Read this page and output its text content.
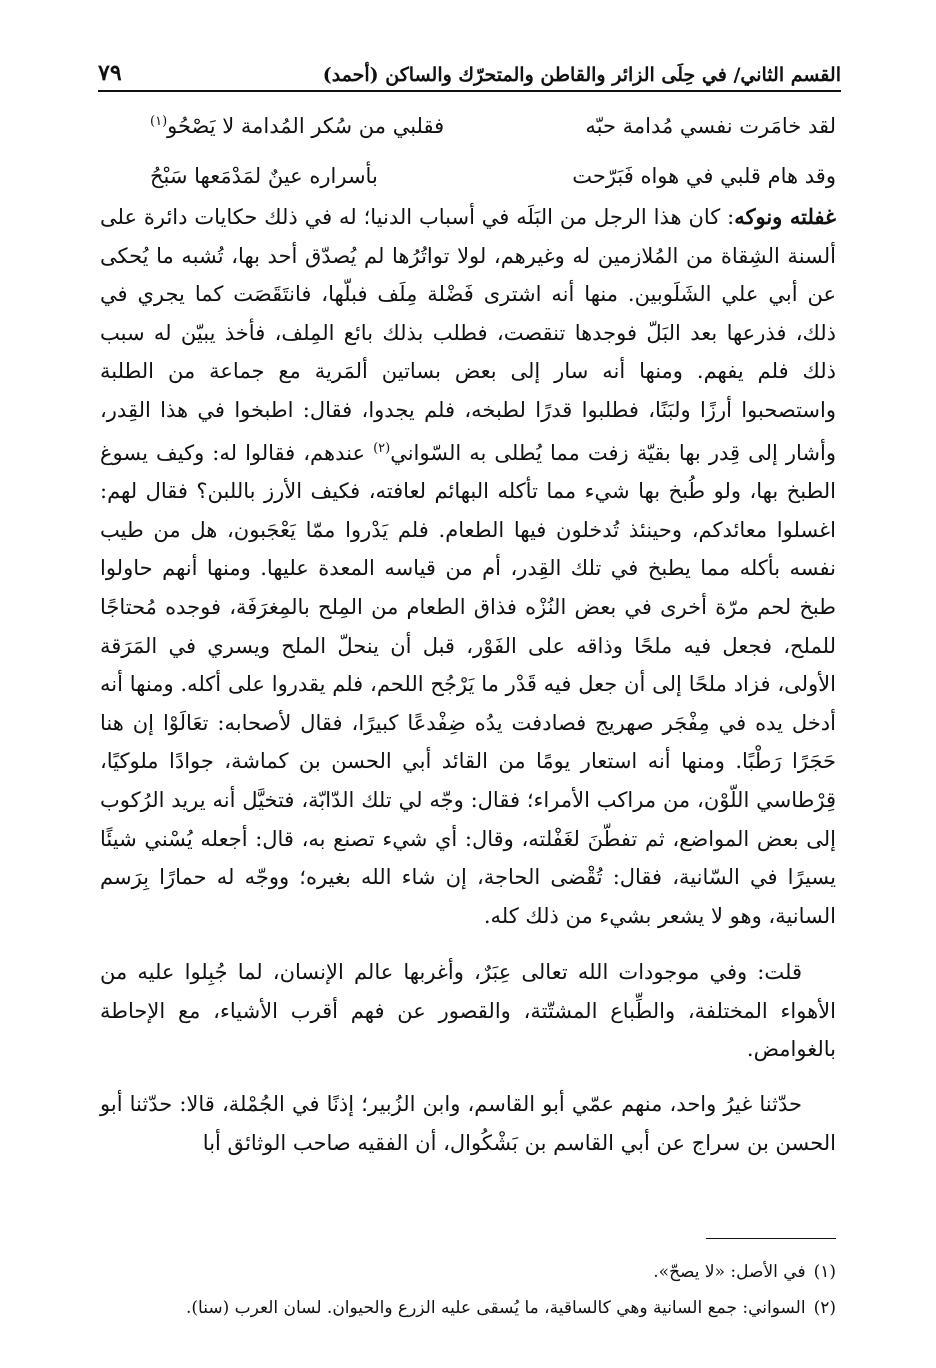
القسم الثاني/ في حِلَى الزائر والقاطن والمتحرّك والساكن (أحمد)
٧٩
لقد خامَرت نفسي مُدامة حبّه
فقلبي من سُكر المُدامة لا يَصْحُو$^{(١)}$
وقد هام قلبي في هواه فَبَرّحت
بأسراره عينٌ لمَدْمَعها سَبْحُ

غفلته ونوكه: كان هذا الرجل من البَلَه في أسباب الدنيا؛ له في ذلك حكايات دائرة على ألسنة الشِقاة من المُلازمين له وغيرهم، لولا تواتُرُها لم يُصدّق أحد بها، تُشبه ما يُحكى عن أبي علي الشَلَوبين. منها أنه اشترى فَضْلة مِلَف فبلّها، فانتَقَصَت كما يجري في ذلك، فذرعها بعد البَلّ فوجدها تنقصت، فطلب بذلك بائع المِلف، فأخذ يبيّن له سبب ذلك فلم يفهم. ومنها أنه سار إلى بعض بساتين ألمَرية مع جماعة من الطلبة واستصحبوا أرزًا ولبَنًا، فطلبوا قدرًا لطبخه، فلم يجدوا، فقال: اطبخوا في هذا القِدر، وأشار إلى قِدر بها بقيّة زفت مما يُطلى به السّواني$^{(٢)}$ عندهم، فقالوا له: وكيف يسوغ الطبخ بها، ولو طُبخ بها شيء مما تأكله البهائم لعافته، فكيف الأرز باللبن؟ فقال لهم: اغسلوا معائدكم، وحينئذ تُدخلون فيها الطعام. فلم يَدْروا ممّا يَعْجَبون، هل من طيب نفسه بأكله مما يطبخ في تلك القِدر، أم من قياسه المعدة عليها. ومنها أنهم حاولوا طبخ لحم مرّة أخرى في بعض النُزْه فذاق الطعام من المِلح بالمِغرَفَة، فوجده مُحتاجًا للملح، فجعل فيه ملحًا وذاقه على الفَوْر، قبل أن ينحلّ الملح ويسري في المَرَقة الأولى، فزاد ملحًا إلى أن جعل فيه قَدْر ما يَرْجُح اللحم، فلم يقدروا على أكله. ومنها أنه أدخل يده في مِفْجَر صهريج فصادفت يدُه ضِفْدعًا كبيرًا، فقال لأصحابه: تعَالَوْا إن هنا حَجَرًا رَطْبًا. ومنها أنه استعار يومًا من القائد أبي الحسن بن كماشة، جوادًا ملوكيًا، قِرْطاسي اللّوْن، من مراكب الأمراء؛ فقال: وجّه لي تلك الدّابّة، فتخيَّل أنه يريد الرُكوب إلى بعض المواضع، ثم تفطّنَ لغَفْلته، وقال: أي شيء تصنع به، قال: أجعله يُسْني شيئًا يسيرًا في السّانية، فقال: تُقْضى الحاجة، إن شاء الله بغيره؛ ووجّه له حمارًا بِرَسم السانية، وهو لا يشعر بشيء من ذلك كله.

قلت: وفي موجودات الله تعالى عِبَرٌ، وأغربها عالم الإنسان، لما جُبِلوا عليه من الأهواء المختلفة، والطِّباع المشتّتة، والقصور عن فهم أقرب الأشياء، مع الإحاطة بالغوامض.

حدّثنا غيرُ واحد، منهم عمّي أبو القاسم، وابن الزُبير؛ إذنًا في الجُمْلة، قالا: حدّثنا أبو الحسن بن سراج عن أبي القاسم بن بَشْكُوال، أن الفقيه صاحب الوثائق أبا

(١)في الأصل: «لا يصحّ».
(٢)السواني: جمع السانية وهي كالساقية، ما يُسقى عليه الزرع والحيوان. لسان العرب (سنا).
